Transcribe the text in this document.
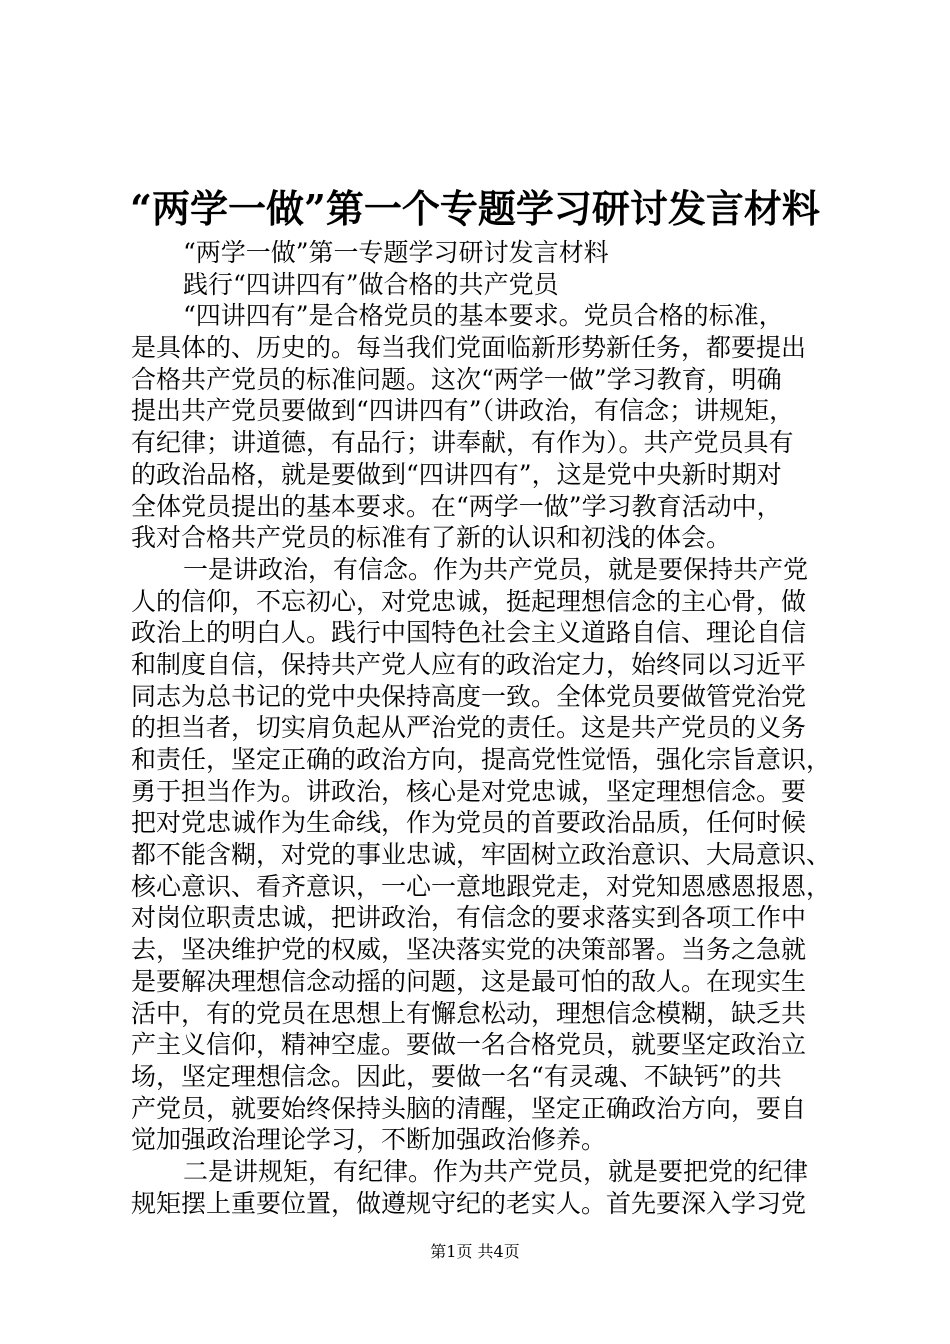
“两学一做”第一个专题学习研讨发言材料
“两学一做”第一专题学习研讨发言材料
践行“四讲四有”做合格的共产党员
“四讲四有”是合格党员的基本要求。党员合格的标准，
是具体的、历史的。每当我们党面临新形势新任务，都要提出
合格共产党员的标准问题。这次“两学一做”学习教育，明确
提出共产党员要做到“四讲四有”（讲政治，有信念；讲规矩，
有纪律；讲道德，有品行；讲奉献，有作为）。共产党员具有
的政治品格，就是要做到“四讲四有”，这是党中央新时期对
全体党员提出的基本要求。在“两学一做”学习教育活动中，
我对合格共产党员的标准有了新的认识和初浅的体会。
一是讲政治，有信念。作为共产党员，就是要保持共产党
人的信仰，不忘初心，对党忠诚，挺起理想信念的主心骨，做
政治上的明白人。践行中国特色社会主义道路自信、理论自信
和制度自信，保持共产党人应有的政治定力，始终同以习近平
同志为总书记的党中央保持高度一致。全体党员要做管党治党
的担当者，切实肩负起从严治党的责任。这是共产党员的义务
和责任，坚定正确的政治方向，提高党性觉悟，强化宗旨意识，
勇于担当作为。讲政治，核心是对党忠诚，坚定理想信念。要
把对党忠诚作为生命线，作为党员的首要政治品质，任何时候
都不能含糊，对党的事业忠诚，牢固树立政治意识、大局意识、
核心意识、看齐意识，一心一意地跟党走，对党知恩感恩报恩，
对岗位职责忠诚，把讲政治，有信念的要求落实到各项工作中
去，坚决维护党的权威，坚决落实党的决策部署。当务之急就
是要解决理想信念动摇的问题，这是最可怕的敌人。在现实生
活中，有的党员在思想上有懈怠松动，理想信念模糊，缺乏共
产主义信仰，精神空虚。要做一名合格党员，就要坚定政治立
场，坚定理想信念。因此，要做一名“有灵魂、不缺钙”的共
产党员，就要始终保持头脑的清醒，坚定正确政治方向，要自
觉加强政治理论学习，不断加强政治修养。
二是讲规矩，有纪律。作为共产党员，就是要把党的纪律
规矩摆上重要位置，做遵规守纪的老实人。首先要深入学习党
第1页 共4页
